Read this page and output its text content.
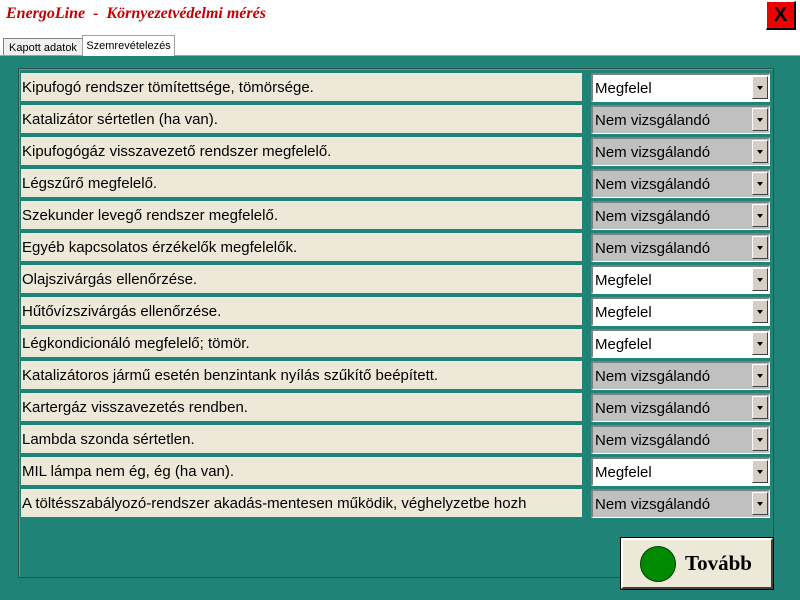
EnergoLine  -  Környezetvédelmi mérés	X
Kapott adatok Szemrevételezés
Kipufogó rendszer tömítettsége, tömörsége.	Megfelel
Katalizátor sértetlen (ha van).	Nem vizsgálandó
Kipufogógáz visszavezető rendszer megfelelő.	Nem vizsgálandó
Légszűrő megfelelő.	Nem vizsgálandó
Szekunder levegő rendszer megfelelő.	Nem vizsgálandó
Egyéb kapcsolatos érzékelők megfelelők.	Nem vizsgálandó
Olajszivárgás ellenőrzése.	Megfelel
Hűtővízszivárgás ellenőrzése.	Megfelel
Légkondicionáló megfelelő; tömör.	Megfelel
Katalizátoros jármű esetén benzintank nyílás szűkítő beépített.	Nem vizsgálandó
Kartergáz visszavezetés rendben.	Nem vizsgálandó
Lambda szonda sértetlen.	Nem vizsgálandó
MIL lámpa nem ég, ég (ha van).	Megfelel
A töltésszabályozó-rendszer akadás-mentesen működik, véghelyzetbe hozh	Nem vizsgálandó
Tovább
